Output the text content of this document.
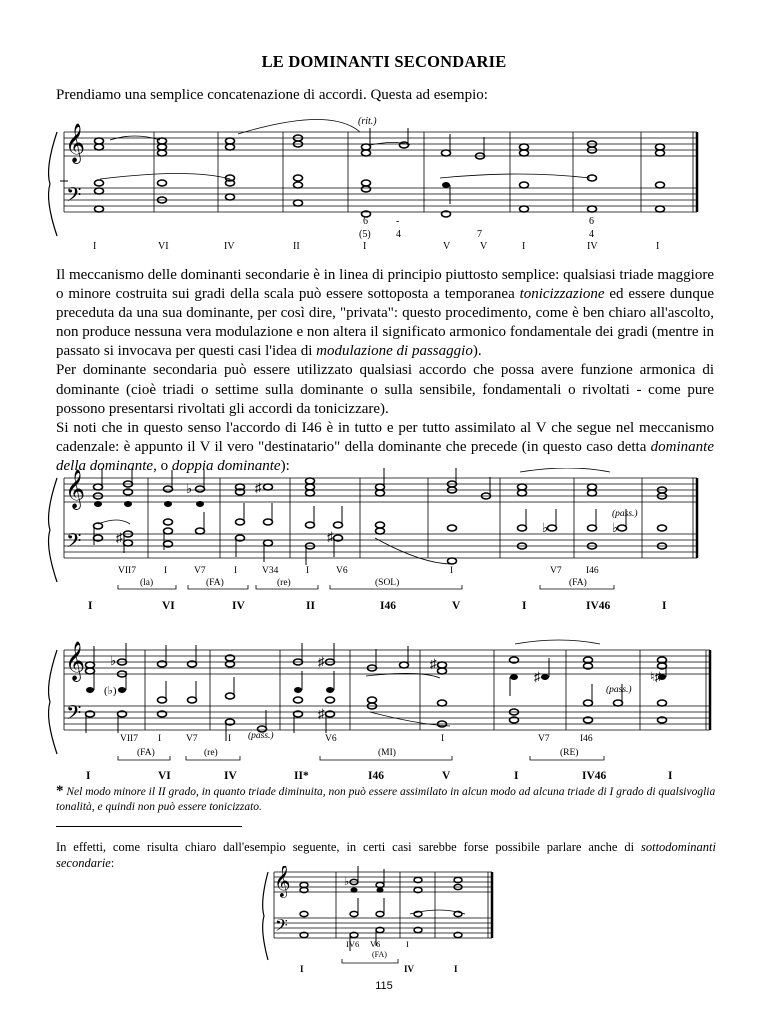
LE DOMINANTI SECONDARIE
Prendiamo una semplice concatenazione di accordi. Questa ad esempio:
𝄞
𝄢
(rit.)
6	-	6
(5)	4	7	4
I	VI	IV	II	I	V	V	I	IV	I

Il meccanismo delle dominanti secondarie è in linea di principio piuttosto semplice: qualsiasi triade maggiore o minore costruita sui gradi della scala può essere sottoposta a temporanea tonicizzazione ed essere dunque preceduta da una sua dominante, per così dire, "privata": questo procedimento, come è ben chiaro all'ascolto, non produce nessuna vera modulazione e non altera il significato armonico fondamentale dei gradi (mentre in passato si invocava per questi casi l'idea di modulazione di passaggio).

Per dominante secondaria può essere utilizzato qualsiasi accordo che possa avere funzione armonica di dominante (cioè triadi o settime sulla dominante o sulla sensibile, fondamentali o rivoltati - come pure possono presentarsi rivoltati gli accordi da tonicizzare).

Si noti che in questo senso l'accordo di I46 è in tutto e per tutto assimilato al V che segue nel meccanismo cadenzale: è appunto il V il vero "destinatario" della dominante che precede (in questo caso detta dominante della dominante, o doppia dominante):

𝄞
𝄢	♯
♭	♯
♯
♭	♭
(pass.)
VII7	I	V7	I	V34	I	V6	I	V7	I46
(la)	(FA)	(re)	(SOL)	(FA)
I	VI	IV	II	I46	V	I	IV46	I
𝄞
𝄢
♭
(♭)
♯
♯
♯
♯	♮♯
(pass.)
(pass.)
VII7 I	V7	I	V6	I	V7	I46
(FA)	(re)	(MI)	(RE)
I	VI	IV	II*	I46	V	I	IV46	I
* Nel modo minore il II grado, in quanto triade diminuita, non può essere assimilato in alcun modo ad alcuna triade di I grado di qualsivoglia tonalità, e quindi non può essere tonicizzato.
In effetti, come risulta chiaro dall'esempio seguente, in certi casi sarebbe forse possibile parlare anche di sottodominanti secondarie:
𝄞
𝄢
♭
IV6 V6	I
(FA)
I	IV	I
115
